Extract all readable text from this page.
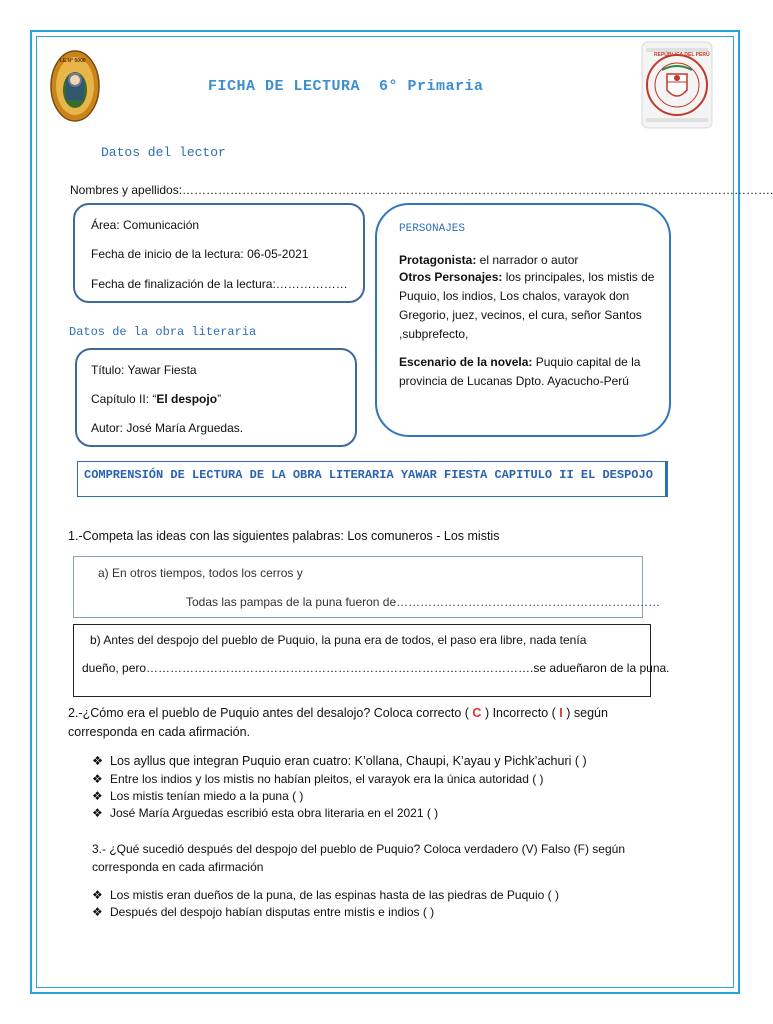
I.E.N° 5008
FICHA DE LECTURA  6° Primaria
REPÚBLICA DEL PERÚ
Datos del lector
Nombres y apellidos:………………………………………………………………………………………………………………………………….
Área: Comunicación
Fecha de inicio de la lectura: 06-05-2021
Fecha de finalización de la lectura:………………
PERSONAJES
Protagonista: el narrador o autor
Otros Personajes: los principales, los mistis de Puquio, los indios, Los chalos, varayok don Gregorio, juez, vecinos, el cura, señor Santos ,subprefecto,
Escenario de la novela: Puquio capital de la provincia de Lucanas Dpto. Ayacucho-Perú
Datos de la obra literaria
Título: Yawar Fiesta
Capítulo II: “El despojo”
Autor: José María Arguedas.
COMPRENSIÓN DE LECTURA DE LA OBRA LITERARIA YAWAR FIESTA CAPITULO II EL DESPOJO
1.-Competa las ideas con las siguientes palabras: Los comuneros - Los mistis
a) En otros tiempos, todos los cerros y
Todas las pampas de la puna fueron de…………………………………………………………
b) Antes del despojo del pueblo de Puquio, la puna era de todos, el paso era libre, nada tenía
dueño, pero…………………………………………………………………………………….se adueñaron de la puna.
2.-¿Cómo era el pueblo de Puquio antes del desalojo? Coloca correcto ( C ) Incorrecto ( I ) según
corresponda en cada afirmación.
❖ Los ayllus que integran Puquio eran cuatro: K’ollana, Chaupi, K’ayau y Pichk’achuri ( )
❖ Entre los indios y los mistis no habían pleitos, el varayok era la única autoridad ( )
❖ Los mistis tenían miedo a la puna ( )
❖ José María Arguedas escribió esta obra literaria en el 2021 ( )
3.- ¿Qué sucedió después del despojo del pueblo de Puquio? Coloca verdadero (V) Falso (F) según
corresponda en cada afirmación
❖ Los mistis eran dueños de la puna, de las espinas hasta de las piedras de Puquio ( )
❖ Después del despojo habían disputas entre mistis e indios ( )
